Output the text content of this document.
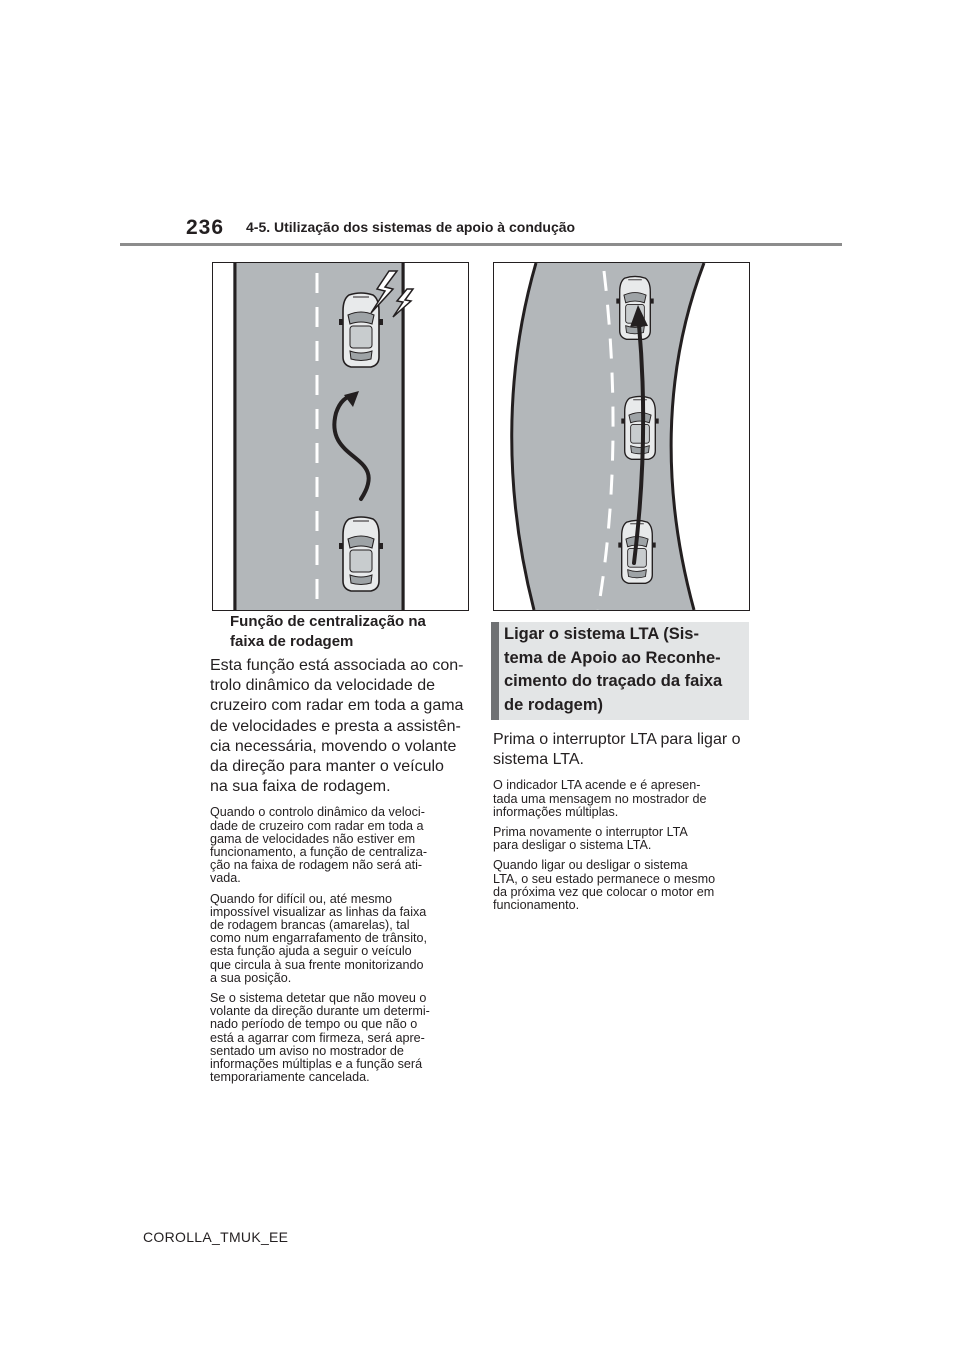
236 4-5. Utilização dos sistemas de apoio à condução
Função de centralização na
faixa de rodagem
Esta função está associada ao con-
trolo dinâmico da velocidade de
cruzeiro com radar em toda a gama
de velocidades e presta a assistên-
cia necessária, movendo o volante
da direção para manter o veículo
na sua faixa de rodagem.
Quando o controlo dinâmico da veloci-
dade de cruzeiro com radar em toda a
gama de velocidades não estiver em
funcionamento, a função de centraliza-
ção na faixa de rodagem não será ati-
vada.
Quando for difícil ou, até mesmo
impossível visualizar as linhas da faixa
de rodagem brancas (amarelas), tal
como num engarrafamento de trânsito,
esta função ajuda a seguir o veículo
que circula à sua frente monitorizando
a sua posição.
Se o sistema detetar que não moveu o
volante da direção durante um determi-
nado período de tempo ou que não o
está a agarrar com firmeza, será apre-
sentado um aviso no mostrador de
informações múltiplas e a função será
temporariamente cancelada.
Ligar o sistema LTA (Sis-
tema de Apoio ao Reconhe-
cimento do traçado da faixa
de rodagem)
Prima o interruptor LTA para ligar o
sistema LTA.
O indicador LTA acende e é apresen-
tada uma mensagem no mostrador de
informações múltiplas.
Prima novamente o interruptor LTA
para desligar o sistema LTA.
Quando ligar ou desligar o sistema
LTA, o seu estado permanece o mesmo
da próxima vez que colocar o motor em
funcionamento.
COROLLA_TMUK_EE
